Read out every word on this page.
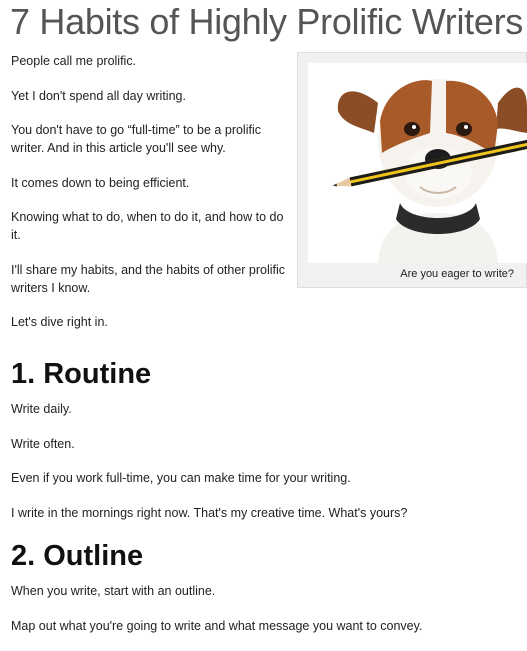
7 Habits of Highly Prolific Writers

People call me prolific.

Yet I don't spend all day writing.

You don't have to go “full-time” to be a prolific writer. And in this article you'll see why.

It comes down to being efficient.

Knowing what to do, when to do it, and how to do it.

I'll share my habits, and the habits of other prolific writers I know.

Let's dive right in.

Are you eager to write?
1. Routine

Write daily.

Write often.

Even if you work full-time, you can make time for your writing.

I write in the mornings right now. That's my creative time. What's yours?

2. Outline

When you write, start with an outline.

Map out what you're going to write and what message you want to convey.
